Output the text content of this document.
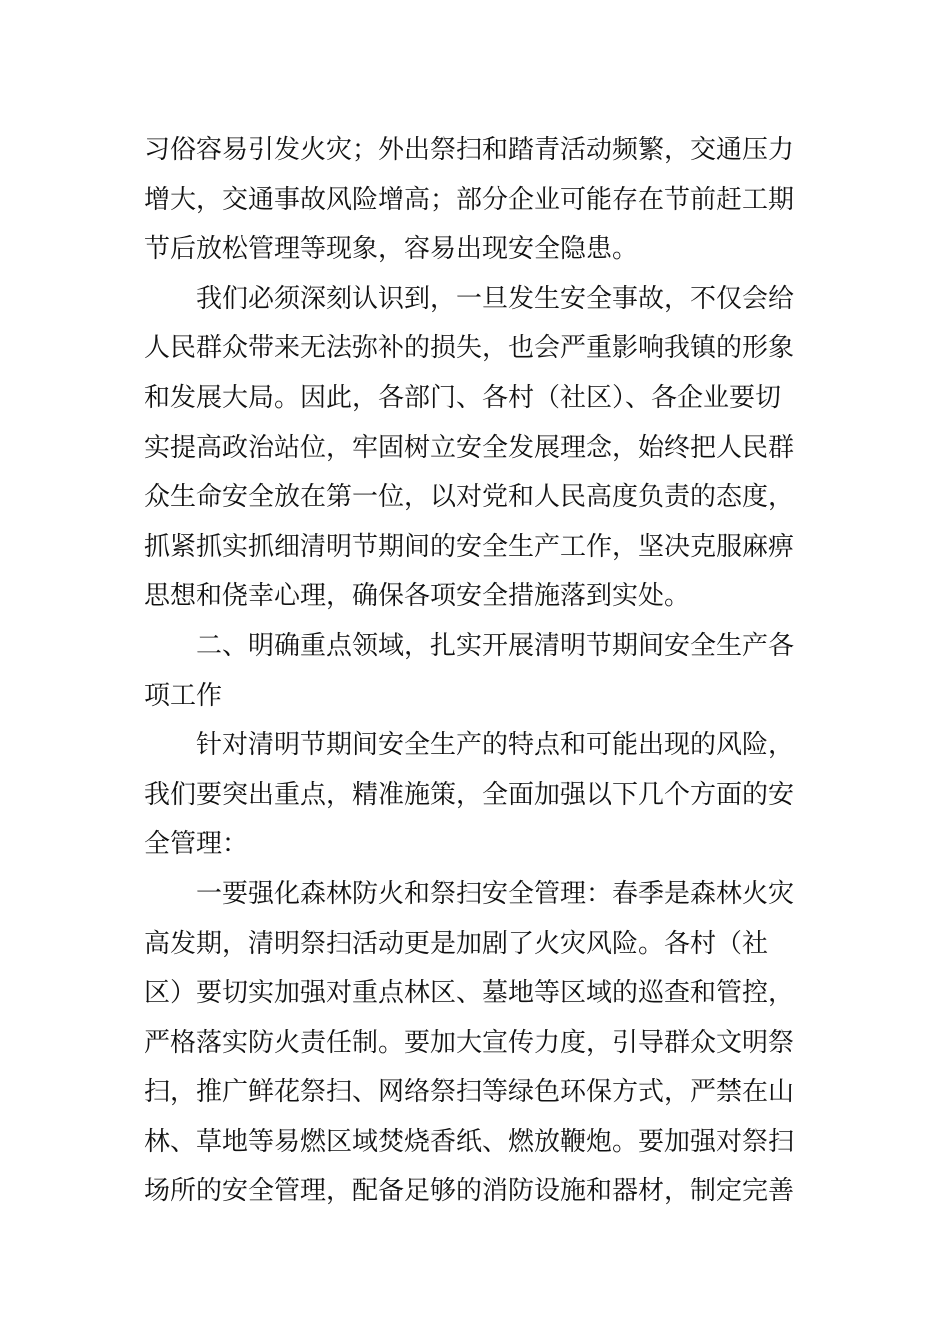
习俗容易引发火灾；外出祭扫和踏青活动频繁，交通压力
增大，交通事故风险增高；部分企业可能存在节前赶工期
节后放松管理等现象，容易出现安全隐患。
我们必须深刻认识到，一旦发生安全事故，不仅会给
人民群众带来无法弥补的损失，也会严重影响我镇的形象
和发展大局。因此，各部门、各村（社区）、各企业要切
实提高政治站位，牢固树立安全发展理念，始终把人民群
众生命安全放在第一位，以对党和人民高度负责的态度，
抓紧抓实抓细清明节期间的安全生产工作，坚决克服麻痹
思想和侥幸心理，确保各项安全措施落到实处。
二、明确重点领域，扎实开展清明节期间安全生产各
项工作
针对清明节期间安全生产的特点和可能出现的风险，
我们要突出重点，精准施策，全面加强以下几个方面的安
全管理：
一要强化森林防火和祭扫安全管理：春季是森林火灾
高发期，清明祭扫活动更是加剧了火灾风险。各村（社
区）要切实加强对重点林区、墓地等区域的巡查和管控，
严格落实防火责任制。要加大宣传力度，引导群众文明祭
扫，推广鲜花祭扫、网络祭扫等绿色环保方式，严禁在山
林、草地等易燃区域焚烧香纸、燃放鞭炮。要加强对祭扫
场所的安全管理，配备足够的消防设施和器材，制定完善
